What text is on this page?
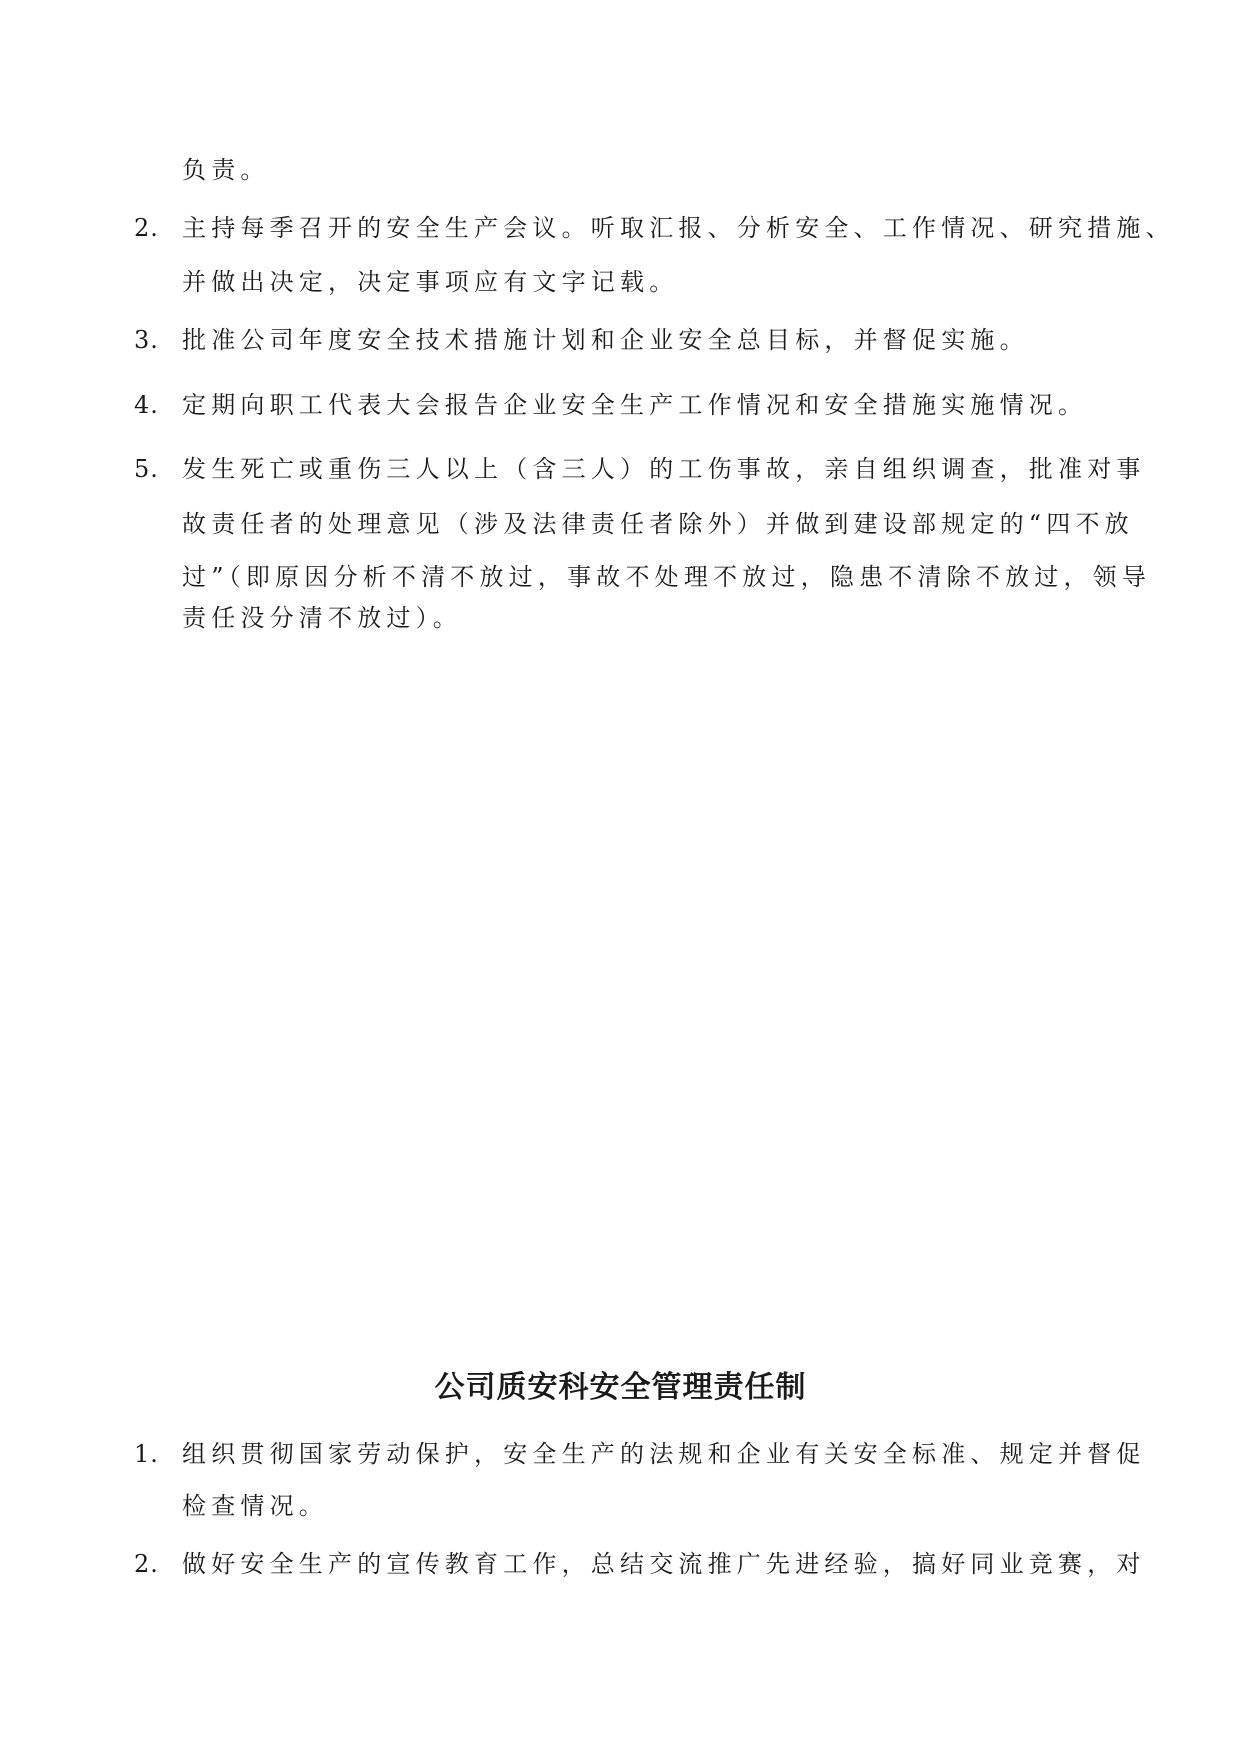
负责。
2. 主持每季召开的安全生产会议。听取汇报、分析安全、工作情况、研究措施、
并做出决定，决定事项应有文字记载。
3. 批准公司年度安全技术措施计划和企业安全总目标，并督促实施。
4. 定期向职工代表大会报告企业安全生产工作情况和安全措施实施情况。
5. 发生死亡或重伤三人以上（含三人）的工伤事故，亲自组织调查，批准对事
故责任者的处理意见（涉及法律责任者除外）并做到建设部规定的“四不放
过”（即原因分析不清不放过，事故不处理不放过，隐患不清除不放过，领导
责任没分清不放过）。
公司质安科安全管理责任制
1. 组织贯彻国家劳动保护，安全生产的法规和企业有关安全标准、规定并督促
检查情况。
2. 做好安全生产的宣传教育工作，总结交流推广先进经验，搞好同业竞赛，对
